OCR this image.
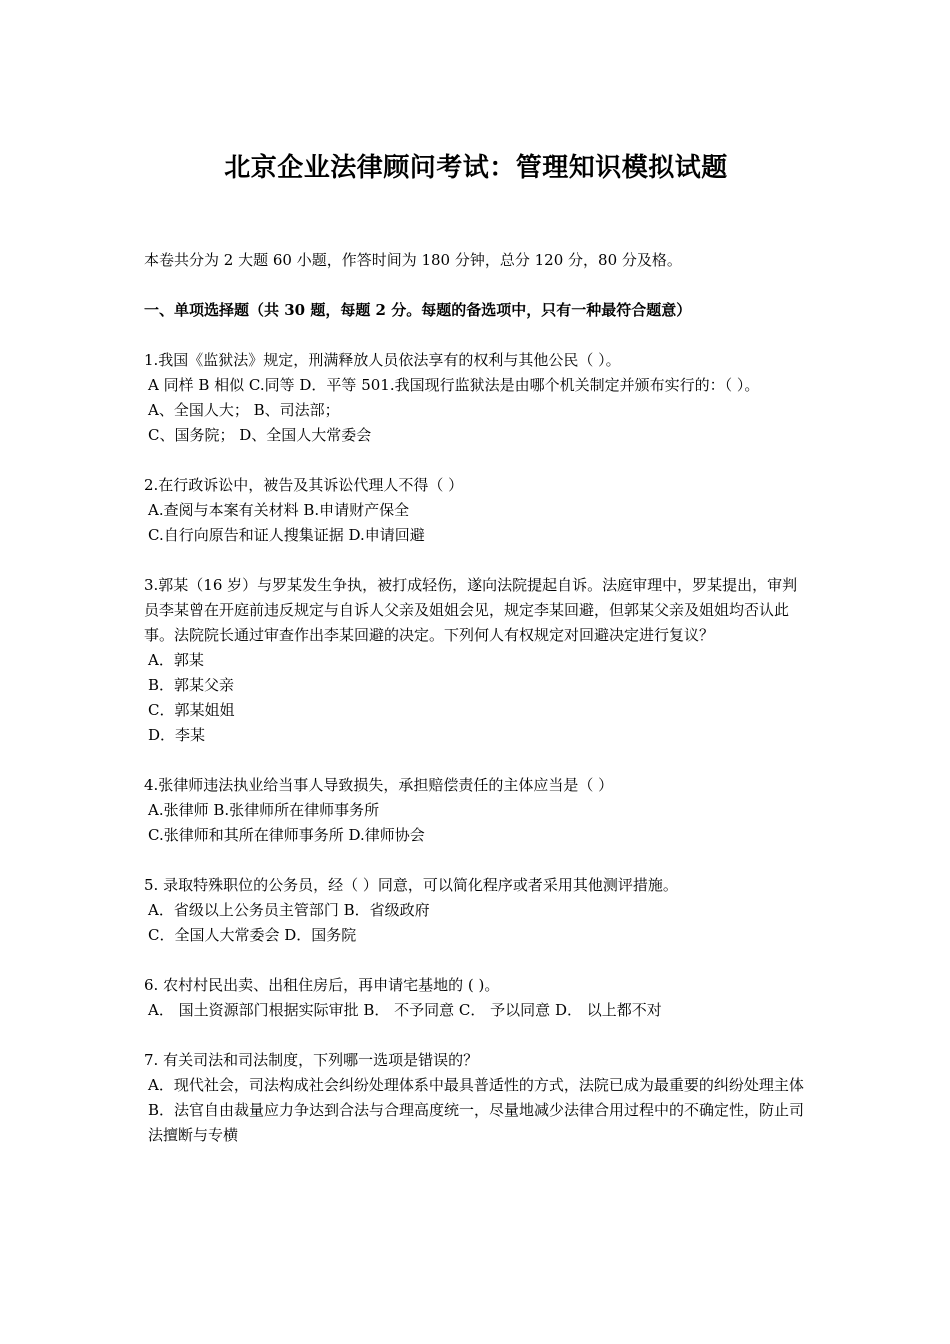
北京企业法律顾问考试：管理知识模拟试题

本卷共分为 2 大题 60 小题，作答时间为 180 分钟，总分 120 分，80 分及格。

一、单项选择题（共 30 题，每题 2 分。每题的备选项中，只有一种最符合题意）

1.我国《监狱法》规定，刑满释放人员依法享有的权利与其他公民（ ）。
A 同样 B 相似 C.同等 D．平等 501.我国现行监狱法是由哪个机关制定并颁布实行的：（ ）。
A、全国人大； B、司法部；
C、国务院； D、全国人大常委会
2.在行政诉讼中，被告及其诉讼代理人不得（ ）
A.查阅与本案有关材料 B.申请财产保全
C.自行向原告和证人搜集证据 D.申请回避
3.郭某（16 岁）与罗某发生争执，被打成轻伤，遂向法院提起自诉。法庭审理中，罗某提出，审判员李某曾在开庭前违反规定与自诉人父亲及姐姐会见，规定李某回避，但郭某父亲及姐姐均否认此事。法院院长通过审查作出李某回避的决定。下列何人有权规定对回避决定进行复议？
A．郭某
B．郭某父亲
C．郭某姐姐
D．李某
4.张律师违法执业给当事人导致损失，承担赔偿责任的主体应当是（ ）
A.张律师 B.张律师所在律师事务所
C.张律师和其所在律师事务所 D.律师协会
5. 录取特殊职位的公务员，经（ ）同意，可以简化程序或者采用其他测评措施。
A．省级以上公务员主管部门 B．省级政府
C．全国人大常委会 D．国务院
6. 农村村民出卖、出租住房后，再申请宅基地的 ( )。
A． 国土资源部门根据实际审批 B． 不予同意 C． 予以同意 D． 以上都不对
7. 有关司法和司法制度，下列哪一选项是错误的？
A．现代社会，司法构成社会纠纷处理体系中最具普适性的方式，法院已成为最重要的纠纷处理主体
B．法官自由裁量应力争达到合法与合理高度统一，尽量地减少法律合用过程中的不确定性，防止司法擅断与专横
